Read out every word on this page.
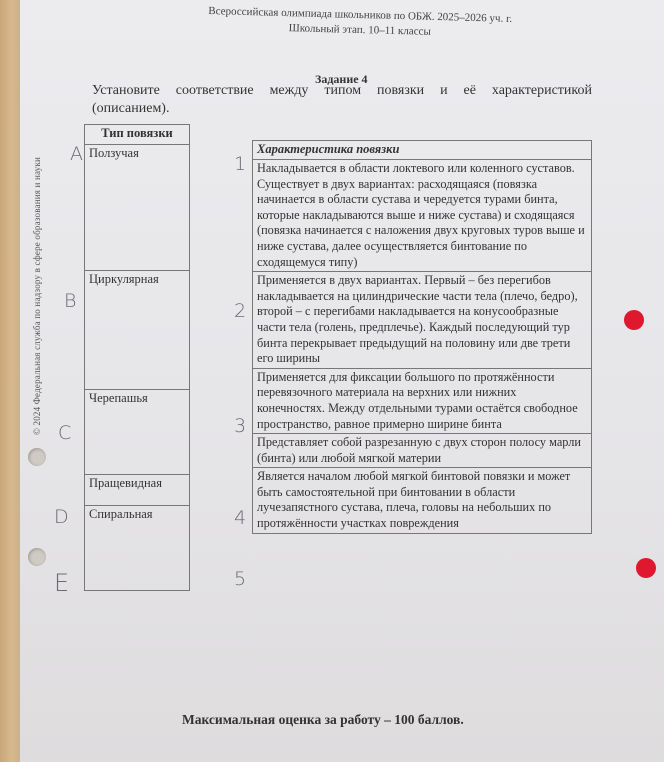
© 2024 Федеральная служба по надзору в сфере образования и науки
Всероссийская олимпиада школьников по ОБЖ. 2025–2026 уч. г.
Школьный этап. 10–11 классы
Задание 4
Установите соответствие между типом повязки и её характеристикой (описанием).
Тип повязки
Ползучая
Циркулярная
Черепашья
Пращевидная
Спиральная
Характеристика повязки
Накладывается в области локтевого или коленного суставов. Существует в двух вариантах: расходящаяся (повязка начинается в области сустава и чередуется турами бинта, которые накладываются выше и ниже сустава) и сходящаяся (повязка начинается с наложения двух круговых туров выше и ниже сустава, далее осуществляется бинтование по сходящемуся типу)
Применяется в двух вариантах. Первый – без перегибов накладывается на цилиндрические части тела (плечо, бедро), второй – с перегибами накладывается на конусообразные части тела (голень, предплечье). Каждый последующий тур бинта перекрывает предыдущий на половину или две трети его ширины
Применяется для фиксации большого по протяжённости перевязочного материала на верхних или нижних конечностях. Между отдельными турами остаётся свободное пространство, равное примерно ширине бинта
Представляет собой разрезанную с двух сторон полосу марли (бинта) или любой мягкой материи
Является началом любой мягкой бинтовой повязки и может быть самостоятельной при бинтовании в области лучезапястного сустава, плеча, головы на небольших по протяжённости участках повреждения
A
B
C
D
E
1
2
3
4
5
Максимальная оценка за работу – 100 баллов.
